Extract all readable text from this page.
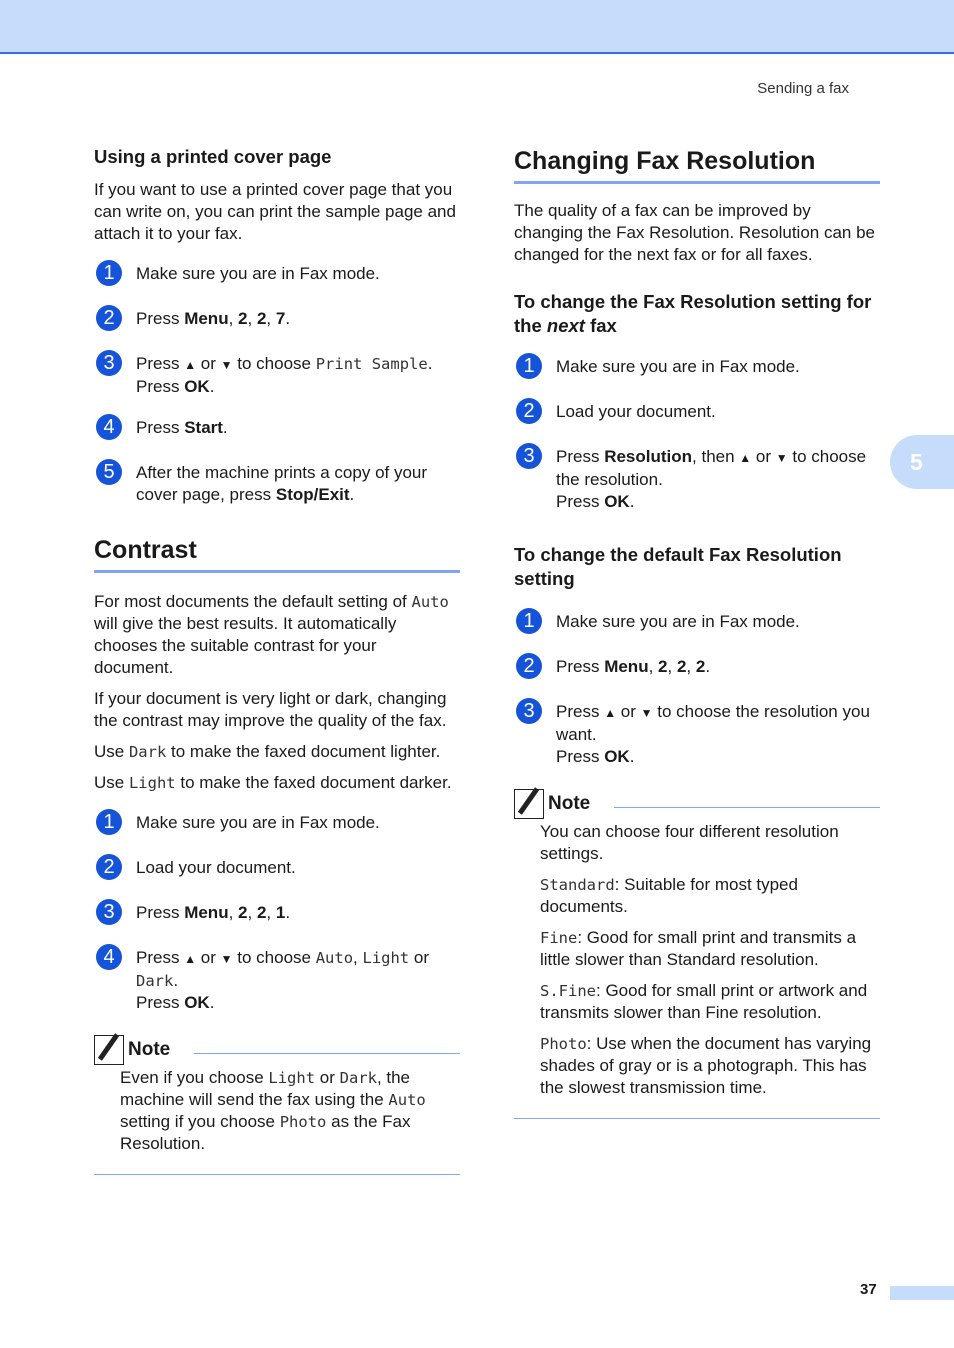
Sending a fax
Using a printed cover page

If you want to use a printed cover page that you can write on, you can print the sample page and attach it to your fax.

1	Make sure you are in Fax mode.
2	Press Menu, 2, 2, 7.
3	Press ▲ or ▼ to choose Print Sample.
Press OK.
4	Press Start.
5	After the machine prints a copy of your cover page, press Stop/Exit.
Contrast

For most documents the default setting of Auto will give the best results. It automatically chooses the suitable contrast for your document.

If your document is very light or dark, changing the contrast may improve the quality of the fax.

Use Dark to make the faxed document lighter.

Use Light to make the faxed document darker.

1	Make sure you are in Fax mode.
2	Load your document.
3	Press Menu, 2, 2, 1.
4	Press ▲ or ▼ to choose Auto, Light or Dark.
Press OK.
Note

Even if you choose Light or Dark, the machine will send the fax using the Auto setting if you choose Photo as the Fax Resolution.

Changing Fax Resolution

The quality of a fax can be improved by changing the Fax Resolution. Resolution can be changed for the next fax or for all faxes.

To change the Fax Resolution setting for the next fax
1	Make sure you are in Fax mode.
2	Load your document.
3	Press Resolution, then ▲ or ▼ to choose the resolution.
Press OK.
To change the default Fax Resolution setting
1	Make sure you are in Fax mode.
2	Press Menu, 2, 2, 2.
3	Press ▲ or ▼ to choose the resolution you want.
Press OK.
Note

You can choose four different resolution settings.

Standard: Suitable for most typed documents.

Fine: Good for small print and transmits a little slower than Standard resolution.

S.Fine: Good for small print or artwork and transmits slower than Fine resolution.

Photo: Use when the document has varying shades of gray or is a photograph. This has the slowest transmission time.

5
37
